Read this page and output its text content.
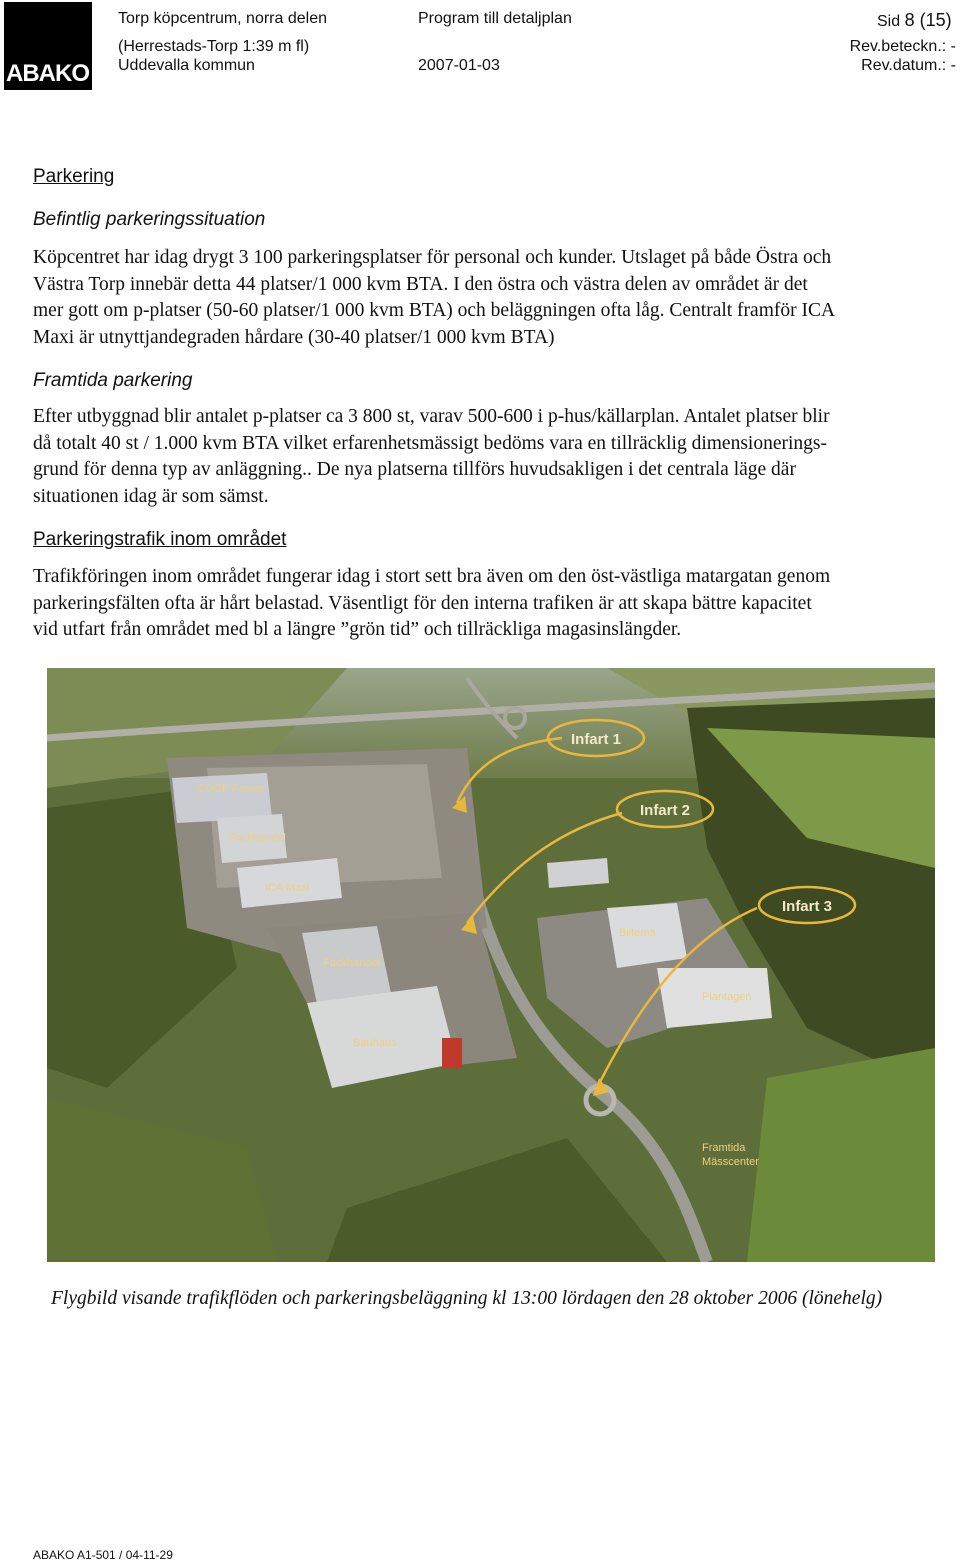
ABAKO
Torp köpcentrum, norra delen
(Herrestads-Torp 1:39 m fl)
Uddevalla kommun
Program till detaljplan
2007-01-03
Sid 8 (15)
Rev.beteckn.: -
Rev.datum.: -
Parkering
Befintlig parkeringssituation
Köpcentret har idag drygt 3 100 parkeringsplatser för personal och kunder. Utslaget på både Östra och
Västra Torp innebär detta 44 platser/1 000 kvm BTA. I den östra och västra delen av området är det
mer gott om p-platser (50-60 platser/1 000 kvm BTA) och beläggningen ofta låg. Centralt framför ICA
Maxi är utnyttjandegraden hårdare (30-40 platser/1 000 kvm BTA)
Framtida parkering
Efter utbyggnad blir antalet p-platser ca 3 800 st, varav 500-600 i p-hus/källarplan. Antalet platser blir
då totalt 40 st / 1.000 kvm BTA vilket erfarenhetsmässigt bedöms vara en tillräcklig dimensionerings-
grund för denna typ av anläggning.. De nya platserna tillförs huvudsakligen i det centrala läge där
situationen idag är som sämst.
Parkeringstrafik inom området
Trafikföringen inom området fungerar idag i stort sett bra även om den öst-västliga matargatan genom
parkeringsfälten ofta är hårt belastad. Väsentligt för den interna trafiken är att skapa bättre kapacitet
vid utfart från området med bl a längre ”grön tid” och tillräckliga magasinslängder.
Infart 1
Infart 2
Infart 3
COOP Forum
Fackhandel
ICA Maxi
Fackhandel
Bauhaus
Biltema
Plantagen
Framtida
Mässcenter
Flygbild visande trafikflöden och parkeringsbeläggning kl 13:00 lördagen den 28 oktober 2006 (lönehelg)
ABAKO A1-501 / 04-11-29
